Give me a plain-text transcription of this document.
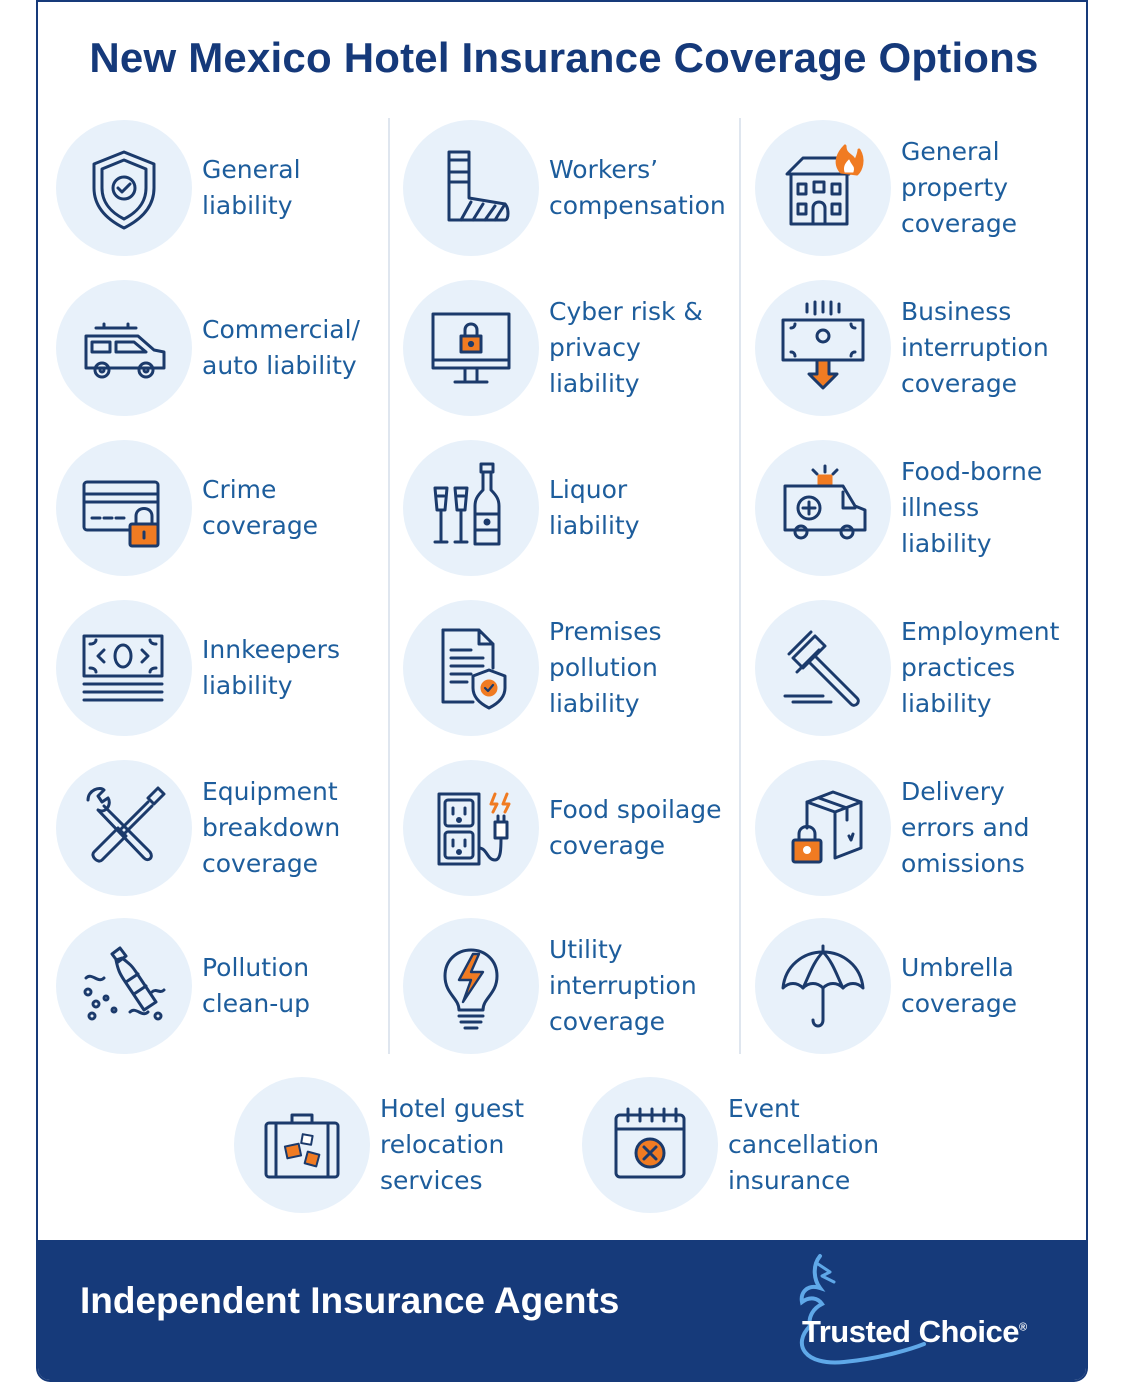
New Mexico Hotel Insurance Coverage Options
General
liability
Workers’
compensation
General
property
coverage
Commercial/
auto liability
Cyber risk &
privacy liability
Business
interruption
coverage
Crime
coverage
Liquor
liability
Food-borne
illness
liability
Innkeepers
liability
Premises
pollution
liability
Employment
practices
liability
Equipment
breakdown
coverage
Food spoilage
coverage
Delivery
errors and
omissions
Pollution
clean-up
Utility
interruption
coverage
Umbrella
coverage
Hotel guest
relocation
services
Event
cancellation
insurance
Independent Insurance Agents
Trusted Choice®
